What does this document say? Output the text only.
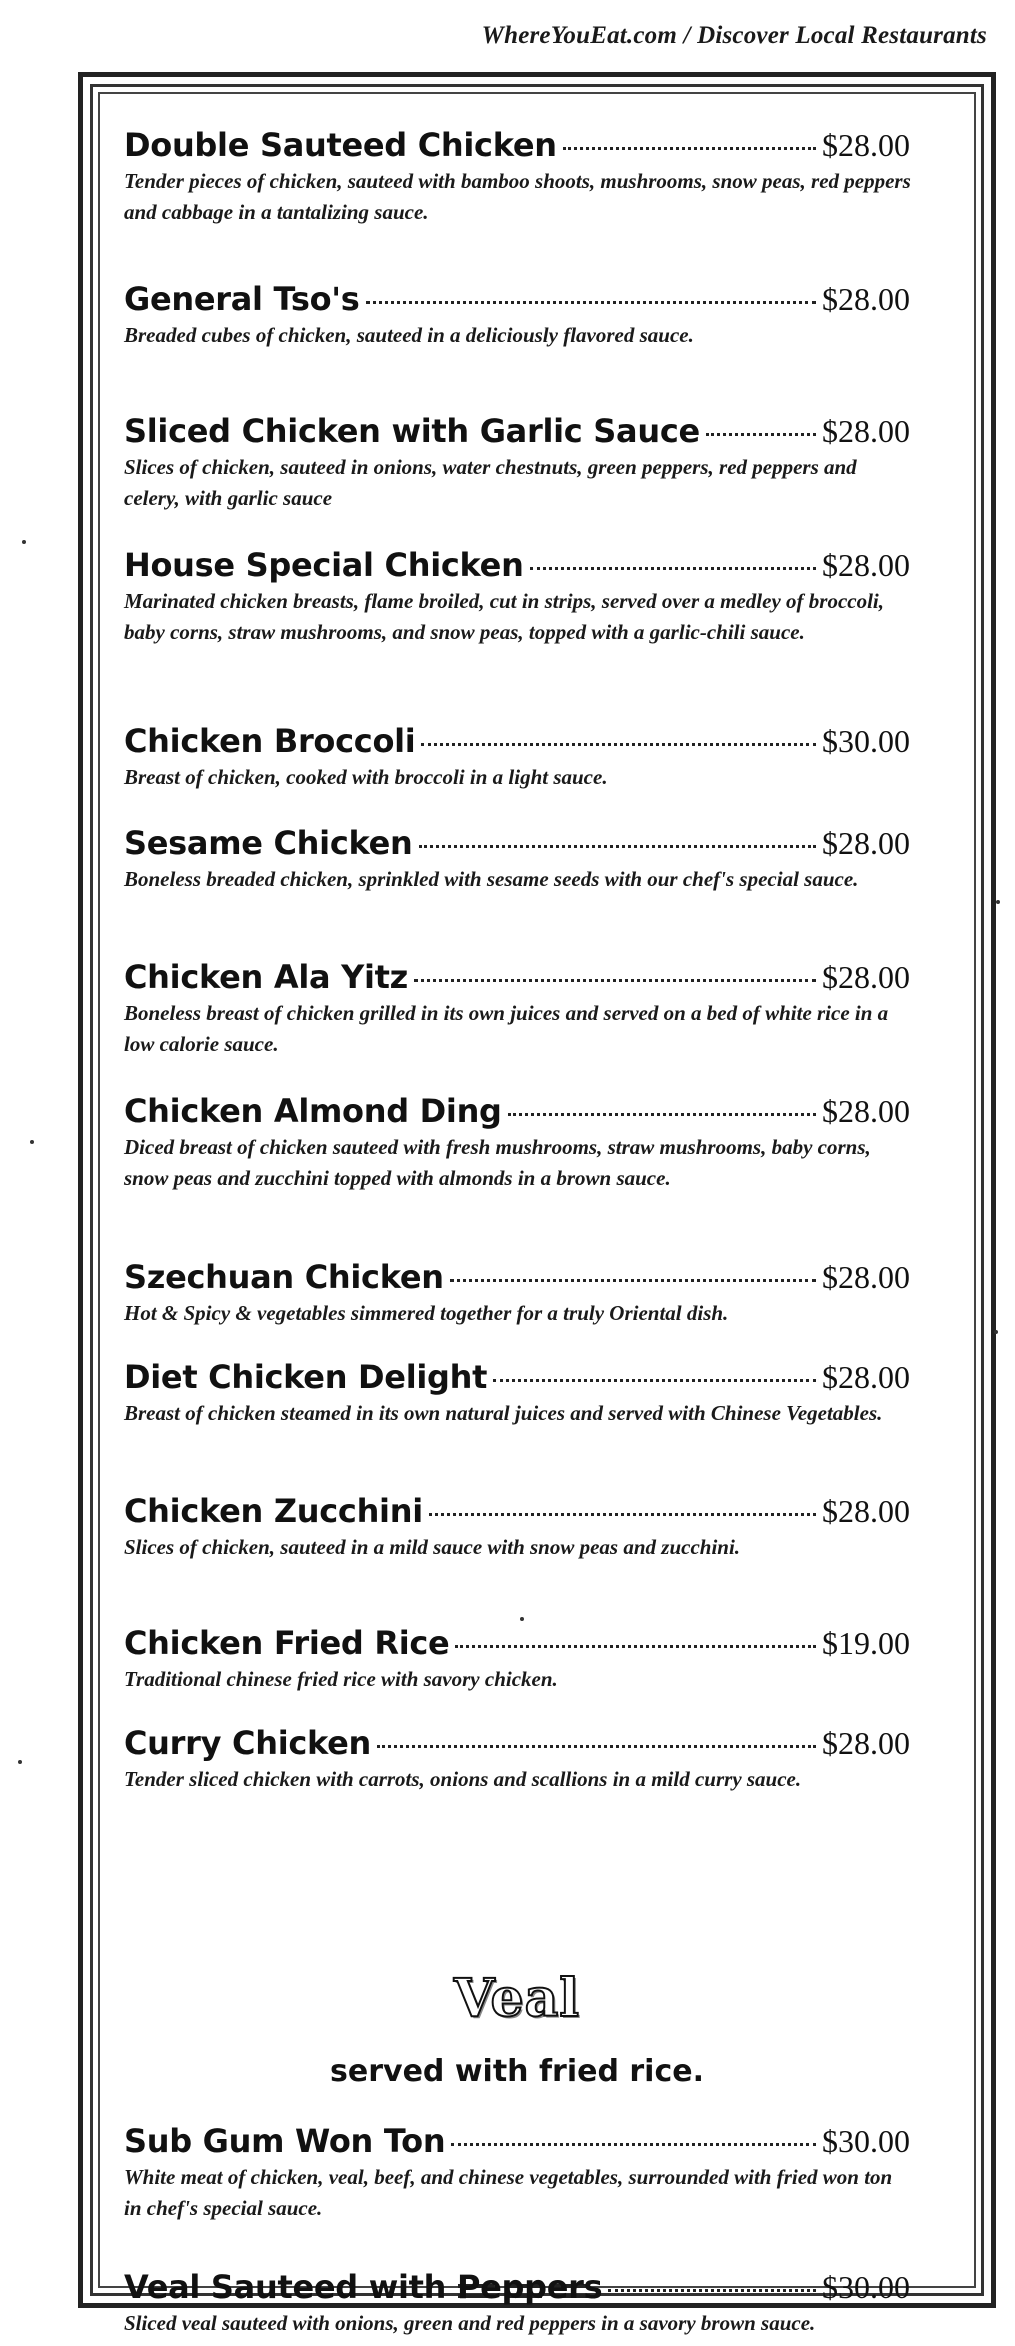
WhereYouEat.com / Discover Local Restaurants
Double Sauteed Chicken	$28.00
Tender pieces of chicken, sauteed with bamboo shoots, mushrooms, snow peas, red peppers and cabbage in a tantalizing sauce.
General Tso's	$28.00
Breaded cubes of chicken, sauteed in a deliciously flavored sauce.
Sliced Chicken with Garlic Sauce	$28.00
Slices of chicken, sauteed in onions, water chestnuts, green peppers, red peppers and celery, with garlic sauce
House Special Chicken	$28.00
Marinated chicken breasts, flame broiled, cut in strips, served over a medley of broccoli, baby corns, straw mushrooms, and snow peas, topped with a garlic-chili sauce.
Chicken Broccoli	$30.00
Breast of chicken, cooked with broccoli in a light sauce.
Sesame Chicken	$28.00
Boneless breaded chicken, sprinkled with sesame seeds with our chef's special sauce.
Chicken Ala Yitz	$28.00
Boneless breast of chicken grilled in its own juices and served on a bed of white rice in a low calorie sauce.
Chicken Almond Ding	$28.00
Diced breast of chicken sauteed with fresh mushrooms, straw mushrooms, baby corns, snow peas and zucchini topped with almonds in a brown sauce.
Szechuan Chicken	$28.00
Hot & Spicy & vegetables simmered together for a truly Oriental dish.
Diet Chicken Delight	$28.00
Breast of chicken steamed in its own natural juices and served with Chinese Vegetables.
Chicken Zucchini	$28.00
Slices of chicken, sauteed in a mild sauce with snow peas and zucchini.
Chicken Fried Rice	$19.00
Traditional chinese fried rice with savory chicken.
Curry Chicken	$28.00
Tender sliced chicken with carrots, onions and scallions in a mild curry sauce.
Veal
served with fried rice.
Sub Gum Won Ton	$30.00
White meat of chicken, veal, beef, and chinese vegetables, surrounded with fried won ton in chef's special sauce.
Veal Sauteed with Peppers	$30.00
Sliced veal sauteed with onions, green and red peppers in a savory brown sauce.
